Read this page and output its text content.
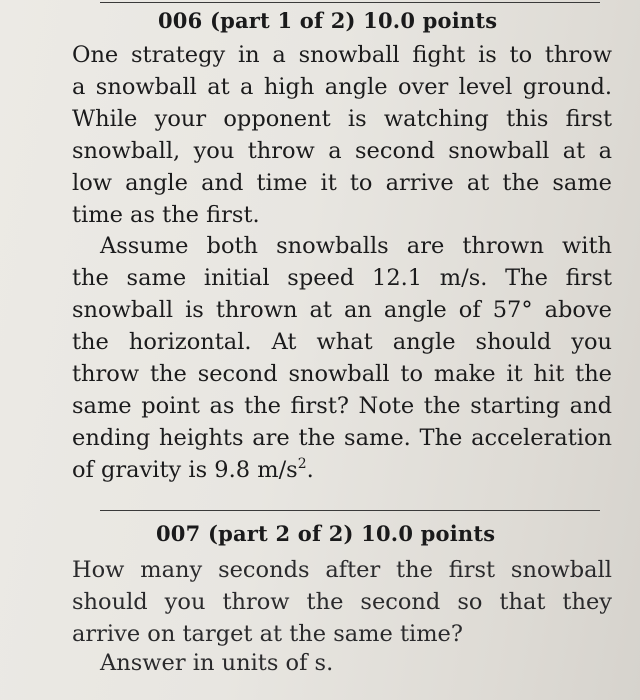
006 (part 1 of 2) 10.0 points
One strategy in a snowball fight is to throw
a snowball at a high angle over level ground.
While your opponent is watching this first
snowball, you throw a second snowball at a
low angle and time it to arrive at the same
time as the first.
Assume both snowballs are thrown with
the same initial speed 12.1 m/s. The first
snowball is thrown at an angle of 57° above
the horizontal. At what angle should you
throw the second snowball to make it hit the
same point as the first? Note the starting and
ending heights are the same. The acceleration
of gravity is 9.8 $m/s^2$.
007 (part 2 of 2) 10.0 points
How many seconds after the first snowball
should you throw the second so that they
arrive on target at the same time?
Answer in units of s.
